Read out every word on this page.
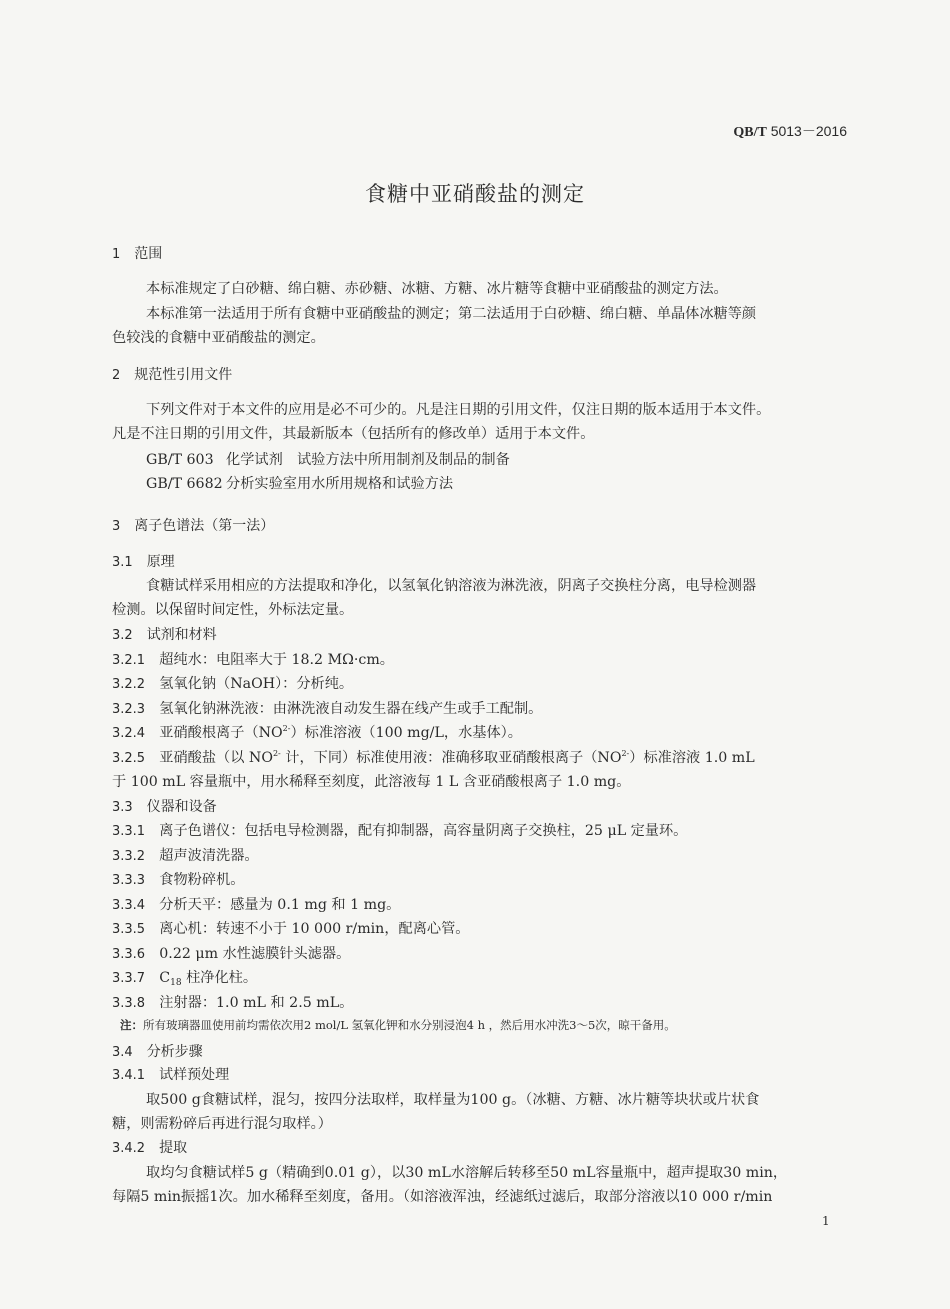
QB/T 5013－2016
食糖中亚硝酸盐的测定
1　 范围
本标准规定了白砂糖、绵白糖、赤砂糖、冰糖、方糖、冰片糖等食糖中亚硝酸盐的测定方法。
本标准第一法适用于所有食糖中亚硝酸盐的测定；第二法适用于白砂糖、绵白糖、单晶体冰糖等颜
色较浅的食糖中亚硝酸盐的测定。
2　 规范性引用文件
下列文件对于本文件的应用是必不可少的。凡是注日期的引用文件，仅注日期的版本适用于本文件。
凡是不注日期的引用文件，其最新版本（包括所有的修改单）适用于本文件。
GB/T 603 化学试剂　试验方法中所用制剂及制品的制备
GB/T 6682 分析实验室用水所用规格和试验方法
3　 离子色谱法（第一法）
3.1　 原理
食糖试样采用相应的方法提取和净化，以氢氧化钠溶液为淋洗液，阴离子交换柱分离，电导检测器
检测。以保留时间定性，外标法定量。
3.2　 试剂和材料
3.2.1　 超纯水：电阻率大于 18.2 MΩ·cm。
3.2.2　 氢氧化钠（NaOH）：分析纯。
3.2.3　 氢氧化钠淋洗液：由淋洗液自动发生器在线产生或手工配制。
3.2.4　 亚硝酸根离子$(NO^{2-})$标准溶液（100 mg/L，水基体）。
3.2.5　 亚硝酸盐（以 $NO^{2-}$ 计，下同）标准使用液：准确移取亚硝酸根离子$(NO^{2-})$标准溶液 1.0 mL
于 100 mL 容量瓶中，用水稀释至刻度，此溶液每 1 L 含亚硝酸根离子 1.0 mg。
3.3　 仪器和设备
3.3.1　 离子色谱仪：包括电导检测器，配有抑制器，高容量阴离子交换柱，25 μL 定量环。
3.3.2　 超声波清洗器。
3.3.3　 食物粉碎机。
3.3.4　 分析天平：感量为 0.1 mg 和 1 mg。
3.3.5　 离心机：转速不小于 10 000 r/min，配离心管。
3.3.6　 0.22 μm 水性滤膜针头滤器。
3.3.7　 $C_{18}$ 柱净化柱。
3.3.8　 注射器：1.0 mL 和 2.5 mL。
注：所有玻璃器皿使用前均需依次用2 mol/L 氢氧化钾和水分别浸泡4 h ，然后用水冲洗3～5次，晾干备用。
3.4　 分析步骤
3.4.1　 试样预处理
取500 g食糖试样，混匀，按四分法取样，取样量为100 g。（冰糖、方糖、冰片糖等块状或片状食
糖，则需粉碎后再进行混匀取样。）
3.4.2　 提取
取均匀食糖试样5 g（精确到0.01 g），以30 mL水溶解后转移至50 mL容量瓶中，超声提取30 min，
每隔5 min振摇1次。加水稀释至刻度，备用。（如溶液浑浊，经滤纸过滤后，取部分溶液以10 000 r/min
1
